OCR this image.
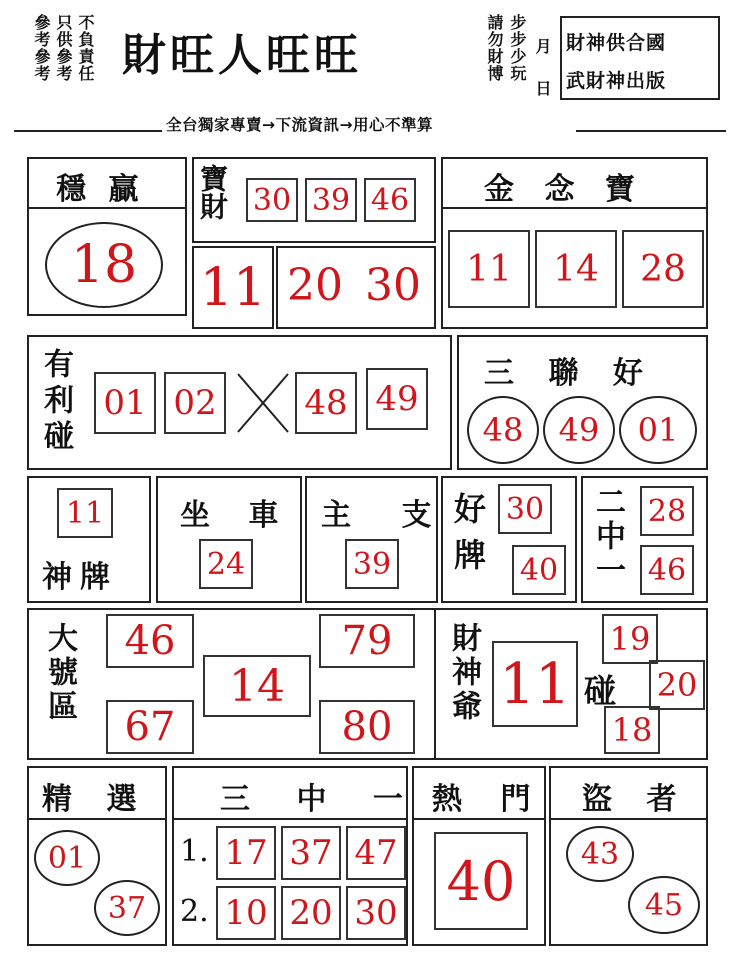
只供參考
參考參考 不負責任 財旺人旺旺	請勿財博 步步少玩 月日 財神供合國
武財神出版
全台獨家專賣→下流資訊→用心不準算
穩 贏
18
寶財 30 39 46
11 20 30
金 念 寶
11	14	28
有利碰 01 02	48 49
三 聯 好
48	49	01
11
神牌
坐 車
24
主 支
39 好牌 30
40 二中一 28
46
大號區	46
67
14
79
80
財神爺 11 碰
19
20
18
精 選
01
37
三 中 一
1. 17 37 47
2. 10 20 30
熱 門
40
盜 者
43
45
